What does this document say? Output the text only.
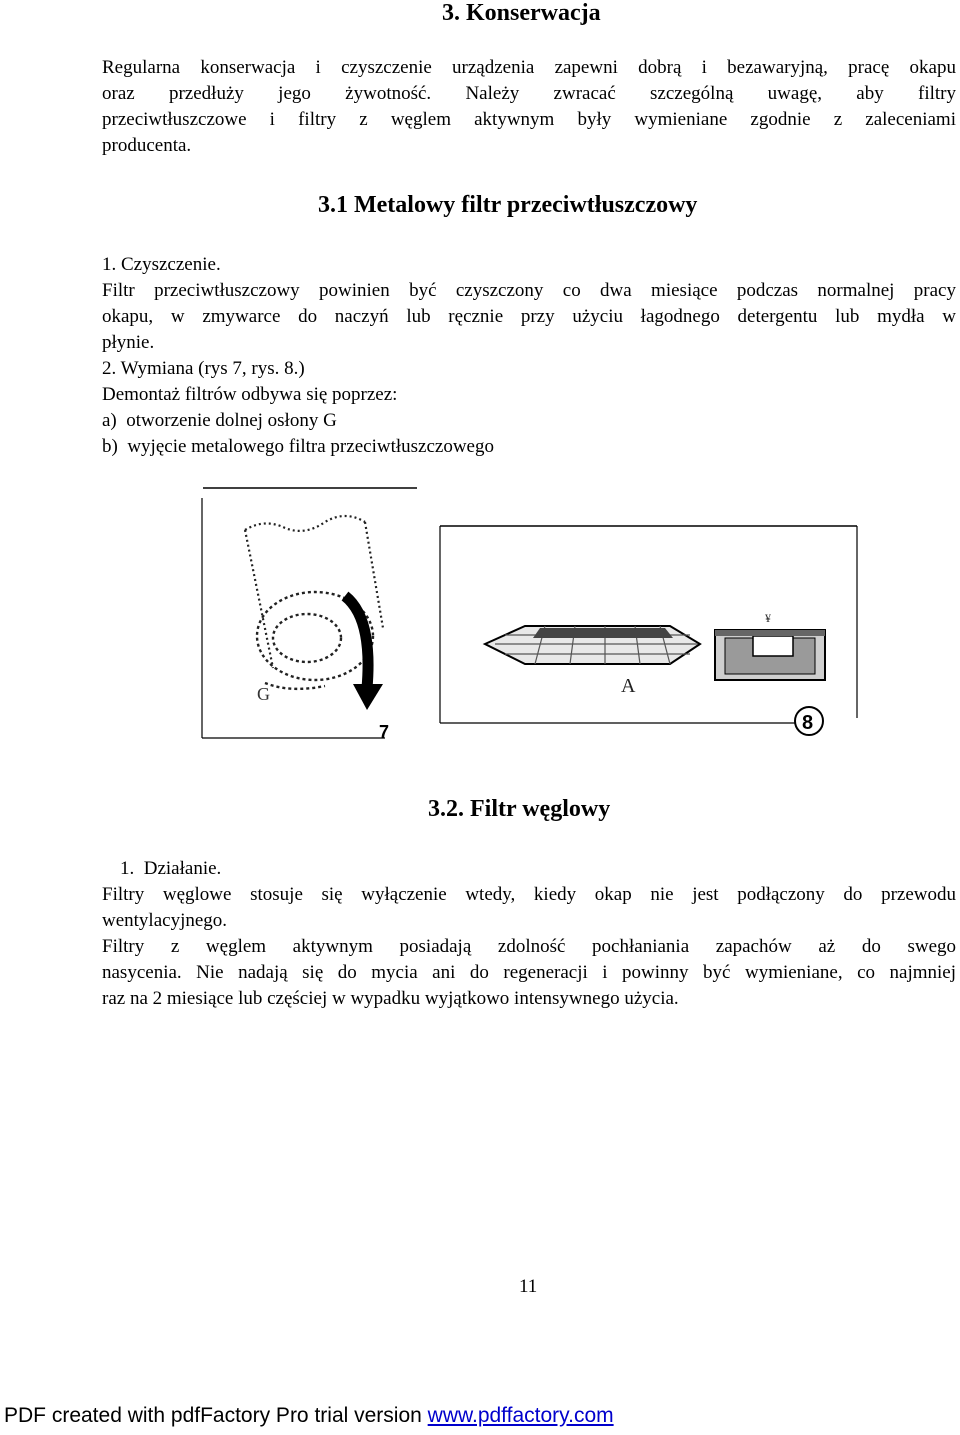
3. Konserwacja
Regularna konserwacja i czyszczenie urządzenia zapewni dobrą i bezawaryjną, pracę okapu
oraz przedłuży jego żywotność. Należy zwracać szczególną uwagę, aby filtry
przeciwtłuszczowe i filtry z węglem aktywnym były wymieniane zgodnie z zaleceniami
producenta.
3.1 Metalowy filtr przeciwtłuszczowy
1. Czyszczenie.
Filtr przeciwtłuszczowy powinien być czyszczony co dwa miesiące podczas normalnej pracy
okapu, w zmywarce do naczyń lub ręcznie przy użyciu łagodnego detergentu lub mydła w
płynie.
2. Wymiana (rys 7, rys. 8.)
Demontaż filtrów odbywa się poprzez:
a)  otworzenie dolnej osłony G
b)  wyjęcie metalowego filtra przeciwtłuszczowego
G
7
A
¥
8
3.2. Filtr węglowy
1.  Działanie.
Filtry węglowe stosuje się wyłączenie wtedy, kiedy okap nie jest podłączony do przewodu
wentylacyjnego.
Filtry z węglem aktywnym posiadają zdolność pochłaniania zapachów aż do swego
nasycenia. Nie nadają się do mycia ani do regeneracji i powinny być wymieniane, co najmniej
raz na 2 miesiące lub częściej w wypadku wyjątkowo intensywnego użycia.
11
PDF created with pdfFactory Pro trial version www.pdffactory.com
